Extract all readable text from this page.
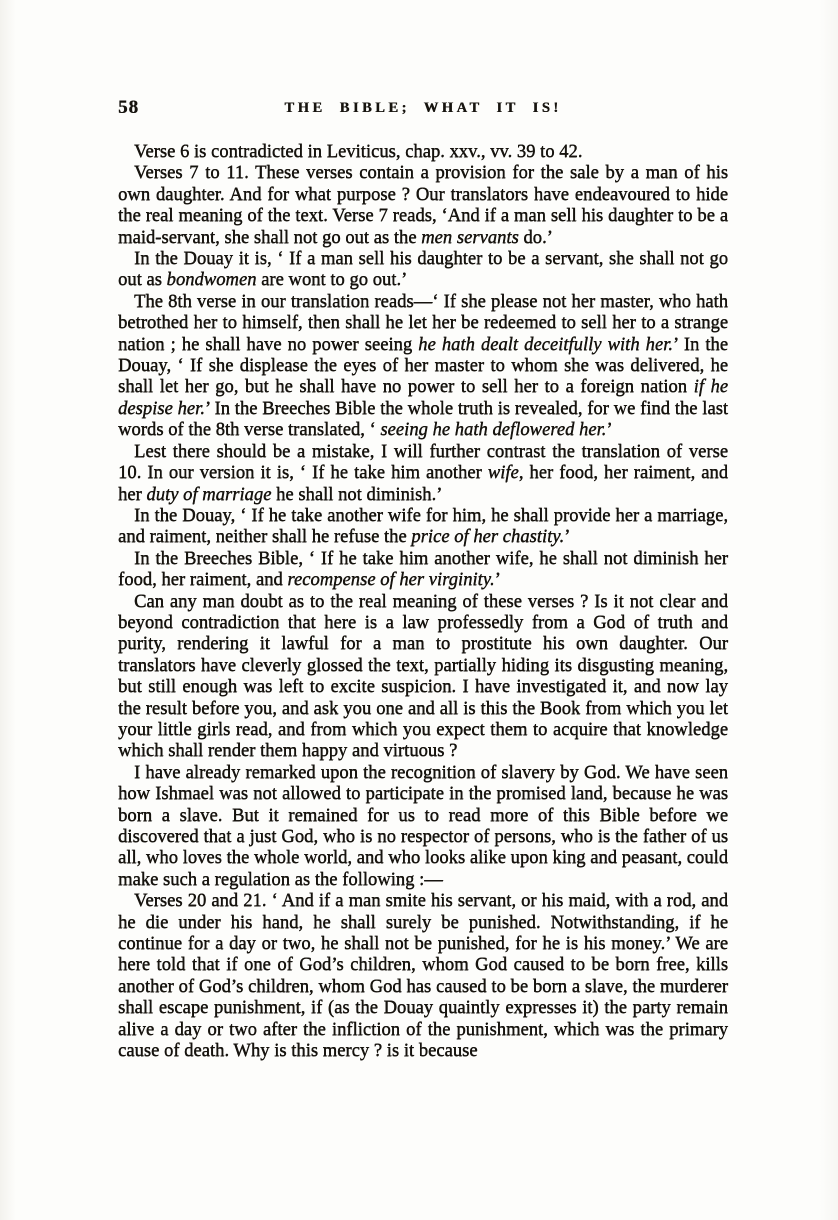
58	THE BIBLE; WHAT IT IS!

Verse 6 is contradicted in Leviticus, chap. xxv., vv. 39 to 42.

Verses 7 to 11. These verses contain a provision for the sale by a man of his own daughter. And for what purpose ? Our translators have endeavoured to hide the real meaning of the text. Verse 7 reads, ‘And if a man sell his daughter to be a maid-servant, she shall not go out as the men servants do.’

In the Douay it is, ‘ If a man sell his daughter to be a servant, she shall not go out as bondwomen are wont to go out.’

The 8th verse in our translation reads—‘ If she please not her master, who hath betrothed her to himself, then shall he let her be redeemed to sell her to a strange nation ; he shall have no power seeing he hath dealt deceitfully with her.’ In the Douay, ‘ If she displease the eyes of her master to whom she was delivered, he shall let her go, but he shall have no power to sell her to a foreign nation if he despise her.’ In the Breeches Bible the whole truth is revealed, for we find the last words of the 8th verse translated, ‘ seeing he hath deflowered her.’

Lest there should be a mistake, I will further contrast the translation of verse 10. In our version it is, ‘ If he take him another wife, her food, her raiment, and her duty of marriage he shall not diminish.’

In the Douay, ‘ If he take another wife for him, he shall provide her a marriage, and raiment, neither shall he refuse the price of her chastity.’

In the Breeches Bible, ‘ If he take him another wife, he shall not diminish her food, her raiment, and recompense of her virginity.’

Can any man doubt as to the real meaning of these verses ? Is it not clear and beyond contradiction that here is a law professedly from a God of truth and purity, rendering it lawful for a man to prostitute his own daughter. Our translators have cleverly glossed the text, partially hiding its disgusting meaning, but still enough was left to excite suspicion. I have investigated it, and now lay the result before you, and ask you one and all is this the Book from which you let your little girls read, and from which you expect them to acquire that knowledge which shall render them happy and virtuous ?

I have already remarked upon the recognition of slavery by God. We have seen how Ishmael was not allowed to participate in the promised land, because he was born a slave. But it remained for us to read more of this Bible before we discovered that a just God, who is no respector of persons, who is the father of us all, who loves the whole world, and who looks alike upon king and peasant, could make such a regulation as the following :—

Verses 20 and 21. ‘ And if a man smite his servant, or his maid, with a rod, and he die under his hand, he shall surely be punished. Notwithstanding, if he continue for a day or two, he shall not be punished, for he is his money.’ We are here told that if one of God’s children, whom God caused to be born free, kills another of God’s children, whom God has caused to be born a slave, the murderer shall escape punishment, if (as the Douay quaintly expresses it) the party remain alive a day or two after the infliction of the punishment, which was the primary cause of death. Why is this mercy ? is it because
